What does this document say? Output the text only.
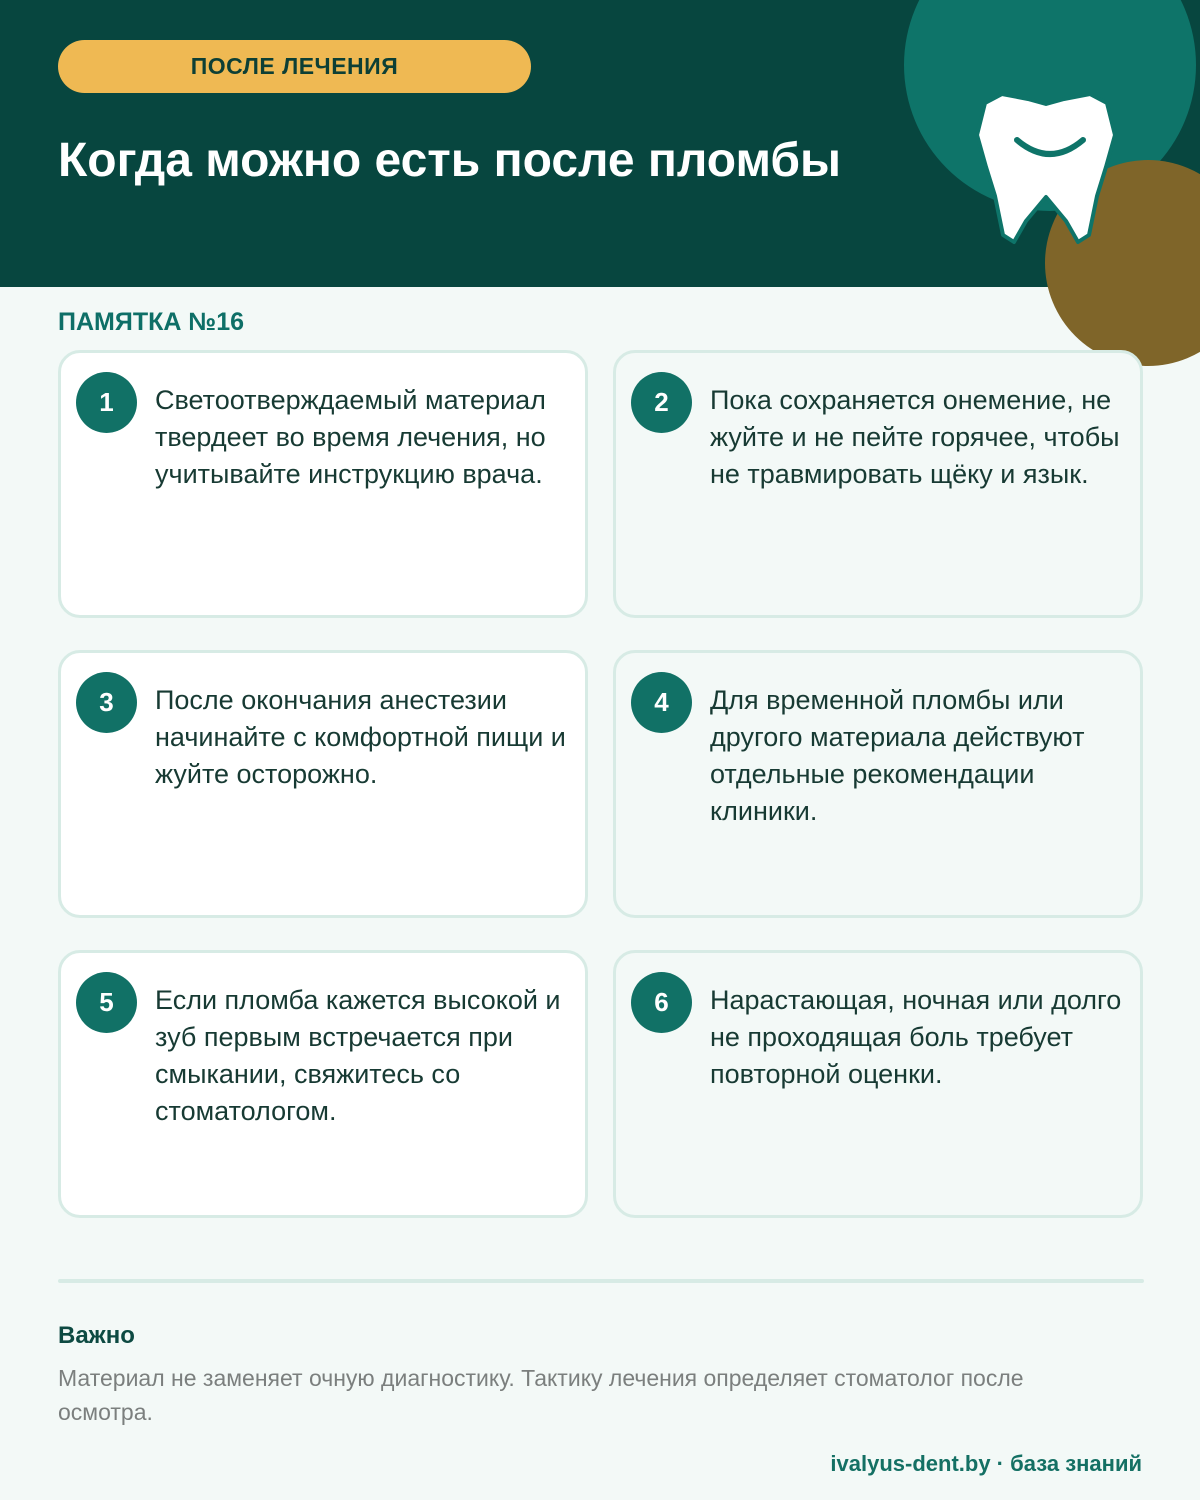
ПОСЛЕ ЛЕЧЕНИЯ
Когда можно есть после пломбы
ПАМЯТКА №16
1	Светоотверждаемый материал твердеет во время лечения, но учитывайте инструкцию врача.
2	Пока сохраняется онемение, не жуйте и не пейте горячее, чтобы не травмировать щёку и язык.
3	После окончания анестезии начинайте с комфортной пищи и жуйте осторожно.
4	Для временной пломбы или другого материала действуют отдельные рекомендации клиники.
5	Если пломба кажется высокой и зуб первым встречается при смыкании, свяжитесь со стоматологом.
6	Нарастающая, ночная или долго не проходящая боль требует повторной оценки.
Важно

Материал не заменяет очную диагностику. Тактику лечения определяет стоматолог после осмотра.

ivalyus-dent.by · база знаний
